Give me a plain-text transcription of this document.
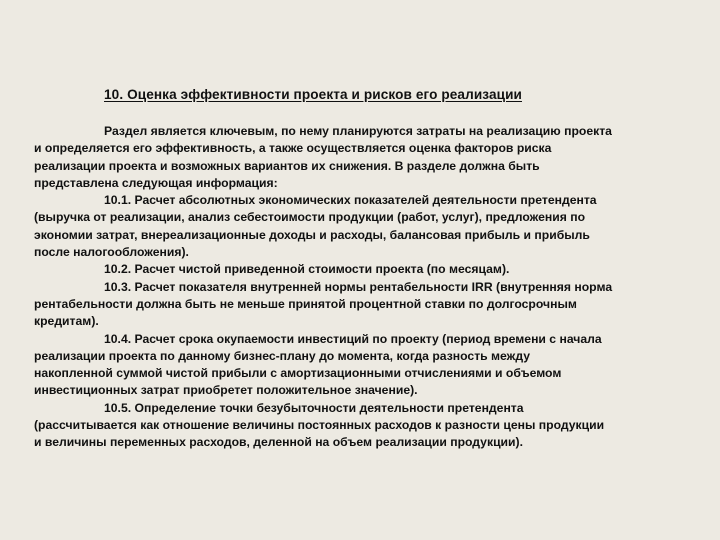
10. Оценка эффективности проекта и рисков его реализации
Раздел является ключевым, по нему планируются затраты на реализацию проекта
и определяется его эффективность, а также осуществляется оценка факторов риска
реализации проекта и возможных вариантов их снижения. В разделе должна быть
представлена следующая информация:
10.1. Расчет абсолютных экономических показателей деятельности претендента
(выручка от реализации, анализ себестоимости продукции (работ, услуг), предложения по
экономии затрат, внереализационные доходы и расходы, балансовая прибыль и прибыль
после налогообложения).
10.2. Расчет чистой приведенной стоимости проекта (по месяцам).
10.3. Расчет показателя внутренней нормы рентабельности IRR (внутренняя норма
рентабельности должна быть не меньше принятой процентной ставки по долгосрочным
кредитам).
10.4. Расчет срока окупаемости инвестиций по проекту (период времени с начала
реализации проекта по данному бизнес-плану до момента, когда разность между
накопленной суммой чистой прибыли с амортизационными отчислениями и объемом
инвестиционных затрат приобретет положительное значение).
10.5. Определение точки безубыточности деятельности претендента
(рассчитывается как отношение величины постоянных расходов к разности цены продукции
и величины переменных расходов, деленной на объем реализации продукции).
